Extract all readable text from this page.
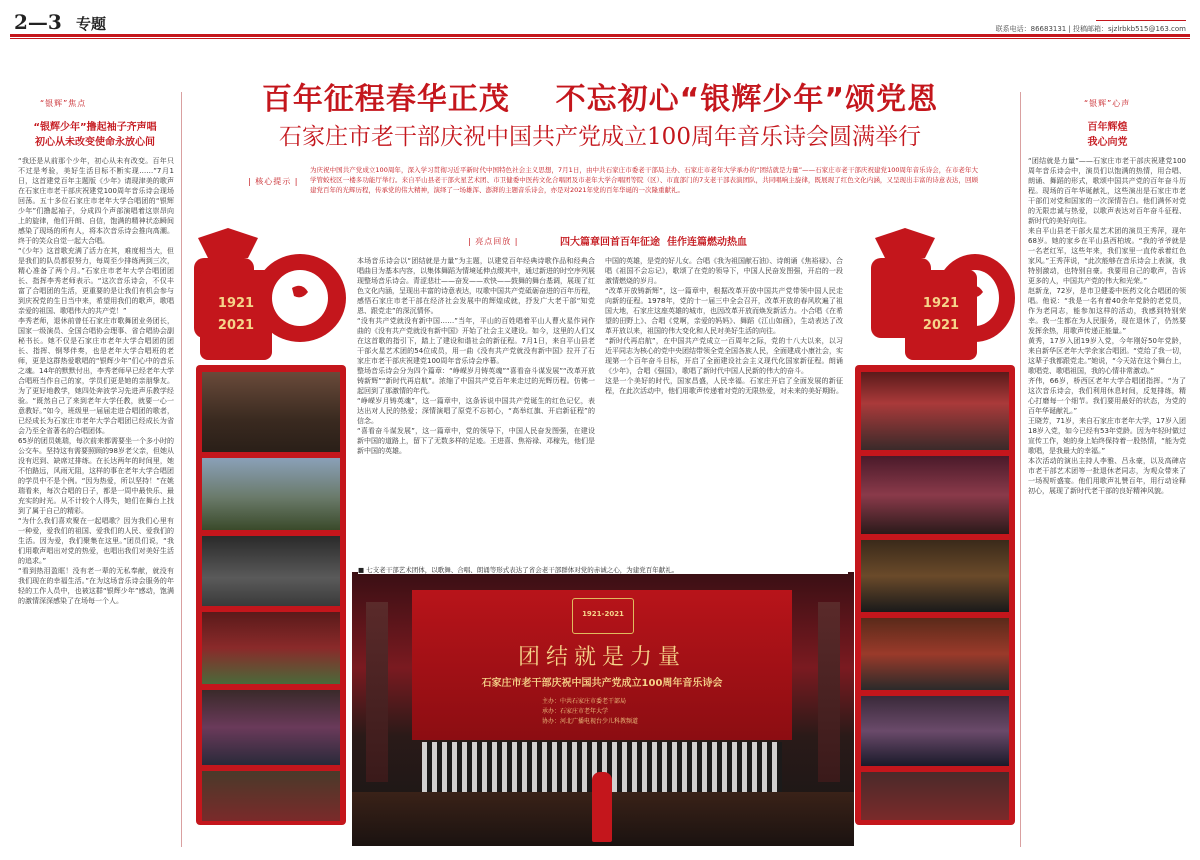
2—3 专题	联系电话：86683131 | 投稿邮箱：sjzlrbkb515@163.com
百年征程春华正茂    不忘初心“银辉少年”颂党恩
石家庄市老干部庆祝中国共产党成立100周年音乐诗会圆满举行
| 核心提示 |
为庆祝中国共产党成立100周年，深入学习贯彻习近平新时代中国特色社会主义思想，7月1日，由中共石家庄市委老干部局主办、石家庄市老年大学承办的“团结就是力量”——石家庄市老干部庆祝建党100周年音乐诗会，在市老年大学管蛟校区一楼多功能厅举行。来自平山县老干部火星艺术团、市卫健委中医药文化合唱团及市老年大学合唱团等院（区）、市直部门的7支老干部表演团队，共同唱响主旋律，既展现了红色文化内涵，又呈现出丰富的诗意表达，回顾建党百年的光辉历程，传承党的伟大精神，演绎了一场雄浑、澎湃的主题音乐诗会，亦是对2021年党的百年华诞的一次隆重献礼。
“银辉”焦点
“银辉少年”撸起袖子齐声唱
初心从未改变使命永放心间
“我还是从前那个少年，初心从未有改变。百年只不过是考验，美好生活目标不断实现……”7月1日，这首建党百年主题版《少年》请现津美的歌声在石家庄市老干部庆祝建党100周年音乐诗会现场回荡。五十多位石家庄市老年大学合唱团的“银辉少年”们撸起袖子，分成四个声部演唱着这崇昂向上的旋律，他们开朗、自信，饱满的精神状态瞬间感染了现场的所有人，将本次音乐诗会推向高潮。终于的笑众自觉一起大合唱。
“《少年》这首歌充满了活力在其，难度相当大，但是我们的队员都很努力，每周至少排练两到三次，精心准备了两个月。”石家庄市老年大学合唱团团长、指挥李秀老师表示。“这次音乐诗会，不仅丰富了合唱团的生活，更重要的是让我们有机会参与到庆祝党的生日当中来，希望用我们的歌声，歌唱亲爱的祖国、歌唱伟大的共产党！”
李秀老师，退休前曾任石家庄市歌舞团业务团长，国家一级演员、全国合唱协会理事、省合唱协会副秘书长。她不仅是石家庄市老年大学合唱团的团长、指挥、钢琴伴奏，也是老年大学合唱班的老师，更是这群热爱歌唱的“银辉少年”们心中的音乐之魂。14年的默默付出，李秀老师早已经老年大学合唱班当作自己的家，学员们更是她的亲朋挚友。为了更好地教学，她四处奔波学习先进声乐教学经验。“既然自己了来到老年大学任教，就要一心一意教好。”如今，班级里一届届走进合唱团的歌者，已经成长为石家庄市老年大学合唱团已经成长为省会乃至全省著名的合唱团体。
65岁的团员姚瑞，每次前来都需要坐一个多小时的公交车。坚持这有需要照顾的98岁老父亲，但她从没有迟到、缺席过排练。在长达两年的时间里，她不怕路远，风雨无阻，这样的事在老年大学合唱团的学员中不是个例。“因为热爱，所以坚持！”在姚瑞看来，每次合唱的日子，都是一周中最快乐、最充实的时光。从不计较个人得失，她们在舞台上找到了属于自己的精彩。
“为什么我们喜欢聚在一起唱歌？因为我们心里有一种爱，爱我们的祖国、爱我们的人民、爱我们的生活。因为爱，我们聚集在这里。”团员们说，“我们用歌声唱出对党的热爱，也唱出我们对美好生活的追求。”
“看到热泪盈眶！没有老一辈的无私奉献，就没有我们现在的幸福生活。”在为这场音乐诗会服务的年轻的工作人员中，也被这群“银辉少年”感动，饱满的激情深深感染了在场每一个人。
“银辉”心声
百年辉煌
我心向党
“团结就是力量”——石家庄市老干部庆祝建党100周年音乐诗会中，演员们以饱满的热情，用合唱、朗诵、舞蹈的形式，歌颂中国共产党的百年奋斗历程。现场的百年华诞献礼，这些演出是石家庄市老干部们对党和国家的一次深情告白。他们满怀对党的无限忠诚与热爱，以歌声表达对百年奋斗征程、新时代的美好向往。
来自平山县老干部火星艺术团的演员王秀萍，现年68岁。她的家乡在平山县西柏坡。“我的爷爷就是一名老红军，这些年来，我们家里一直传承着红色家风。”王秀萍说，“此次能够在音乐诗会上表演，我特别激动，也特别自豪。我要用自己的歌声，告诉更多的人，中国共产党的伟大和光荣。”
赵新龙，72岁，是市卫健委中医药文化合唱团的领唱。他说：“我是一名有着40余年党龄的老党员，作为老同志，能参加这样的活动，我感到特别荣幸。我一生都在为人民服务，现在退休了，仍然要发挥余热，用歌声传递正能量。”
黄秀，17岁入团19岁入党，今年刚好50年党龄，来自新华区老年大学余家合唱团。“党给了我一切，这辈子我都跟党走。”她说，“今天站在这个舞台上，歌唱党、歌唱祖国，我的心情非常激动。”
齐伟，66岁，桥西区老年大学合唱团指挥。“为了这次音乐诗会，我们利用休息时间，反复排练，精心打磨每一个细节。我们要用最好的状态，为党的百年华诞献礼。”
王晓芳，71岁，来自石家庄市老年大学，17岁入团18岁入党，如今已经有53年党龄。因为年轻时做过宣传工作，她的身上始终保持着一股热情，“能为党歌唱，是我最大的幸福。”
本次活动的演出主持人李雅、吕永豪，以及高碑店市老干部艺术团等一批退休老同志，为观众带来了一场视听盛宴。他们用歌声礼赞百年，用行动诠释初心，展现了新时代老干部的良好精神风貌。
| 亮点回放 |	四大篇章回首百年征途  佳作连篇燃动热血
本场音乐诗会以“团结就是力量”为主题，以建党百年经典诗歌作品和经典合唱曲目为基本内容，以集体舞蹈为情境延伸点缀其中，通过新进的时空序列展现整场音乐诗会。青涩悲壮——奋发——欢快——鼓舞的舞台基调，展现了红色文化内涵，呈现出丰富的诗意表达，叹歌中国共产党砥砺奋进的百年历程，感悟石家庄市老干部在经济社会发展中的辉煌成就，抒发广大老干部“知党恩、跟党走”的深沉情怀。
“没有共产党就没有新中国……”当年，平山的百姓唱着平山人曹火星作词作曲的《没有共产党就没有新中国》开始了社会主义建设。如今，这里的人们又在这首歌的指引下，踏上了建设和谐社会的新征程。7月1日，来自平山县老干部火星艺术团的54位成员，用一曲《没有共产党就没有新中国》拉开了石家庄市老干部庆祝建党100周年音乐诗会序幕。
整场音乐诗会分为四个篇章：“峥嵘岁月铸英魂”“喜看奋斗谋发展”“改革开放铸新辉”“新时代再启航”。浓缩了中国共产党百年来走过的光辉历程。仿佛一起回到了那激情的年代。
“峥嵘岁月铸英魂”，这一篇章中，这条诉说中国共产党诞生的红色记忆，表达出对人民的热爱；深情演唱了原党不忘初心，“高举红旗、开启新征程”的信念。
“喜看奋斗谋发展”，这一篇章中，党的领导下，中国人民奋发图强，在建设新中国的道路上，留下了无数多样的足迹。王进喜、焦裕禄、邓稼先，他们是新中国的英雄。
中国的英雄，是党的好儿女。合唱《我为祖国献石油》、诗朗诵《焦裕禄》、合唱《祖国不会忘记》，歌颂了在党的领导下，中国人民奋发图强，开启的一段激情燃烧的岁月。
“改革开放铸新辉”，这一篇章中，根据改革开放中国共产党带领中国人民走向新的征程。1978年，党的十一届三中全会召开，改革开放的春风吹遍了祖国大地，石家庄这座英雄的城市，也因改革开放而焕发新活力。小合唱《在希望的田野上》、合唱《党啊，亲爱的妈妈》、舞蹈《江山如画》，生动表达了改革开放以来，祖国的伟大变化和人民对美好生活的向往。
“新时代再启航”，在中国共产党成立一百周年之际，党的十八大以来，以习近平同志为核心的党中央团结带领全党全国各族人民，全面建成小康社会，实现第一个百年奋斗目标，开启了全面建设社会主义现代化国家新征程。朗诵《少年》，合唱《强国》，歌唱了新时代中国人民新的伟大的奋斗。
这是一个美好的时代，国家昌盛，人民幸福。石家庄开启了全面发展的新征程，在此次活动中，他们用歌声传递着对党的无限热爱，对未来的美好期盼。
1921
2021
1921
2021
1921-2021
团结就是力量
石家庄市老干部庆祝中国共产党成立100周年音乐诗会
主办：中共石家庄市委老干部局
承办：石家庄市老年大学
协办：河北广播电视台少儿科教频道
■ 七支老干部艺术团体，以歌舞、合唱、朗诵等形式表达了省会老干部群体对党的赤诚之心，为建党百年献礼。
